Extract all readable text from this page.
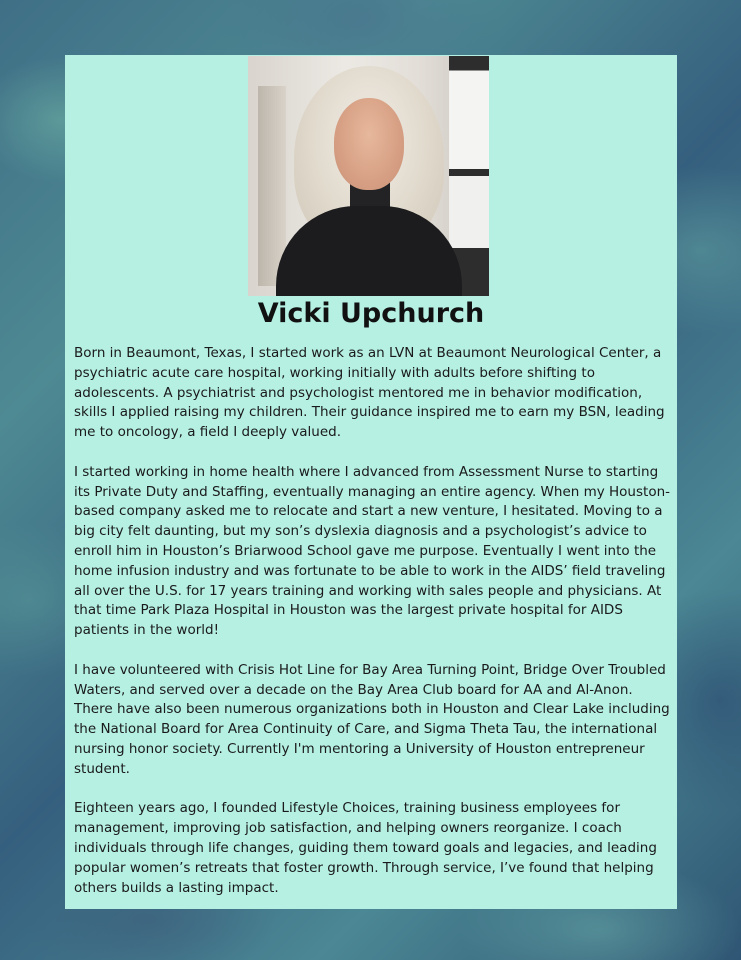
Vicki Upchurch

Born in Beaumont, Texas, I started work as an LVN at Beaumont Neurological Center, a psychiatric acute care hospital, working initially with adults before shifting to adolescents. A psychiatrist and psychologist mentored me in behavior modification, skills I applied raising my children. Their guidance inspired me to earn my BSN, leading me to oncology, a field I deeply valued.

I started working in home health where I advanced from Assessment Nurse to starting its Private Duty and Staffing, eventually managing an entire agency. When my Houston-based company asked me to relocate and start a new venture, I hesitated. Moving to a big city felt daunting, but my son’s dyslexia diagnosis and a psychologist’s advice to enroll him in Houston’s Briarwood School gave me purpose. Eventually I went into the home infusion industry and was fortunate to be able to work in the AIDS’ field traveling all over the U.S. for 17 years training and working with sales people and physicians. At that time Park Plaza Hospital in Houston was the largest private hospital for AIDS patients in the world!

I have volunteered with Crisis Hot Line for Bay Area Turning Point, Bridge Over Troubled Waters, and served over a decade on the Bay Area Club board for AA and Al-Anon. There have also been numerous organizations both in Houston and Clear Lake including the National Board for Area Continuity of Care, and Sigma Theta Tau, the international nursing honor society. Currently I'm mentoring a University of Houston entrepreneur student.

Eighteen years ago, I founded Lifestyle Choices, training business employees for management, improving job satisfaction, and helping owners reorganize. I coach individuals through life changes, guiding them toward goals and legacies, and leading popular women’s retreats that foster growth. Through service, I’ve found that helping others builds a lasting impact.
